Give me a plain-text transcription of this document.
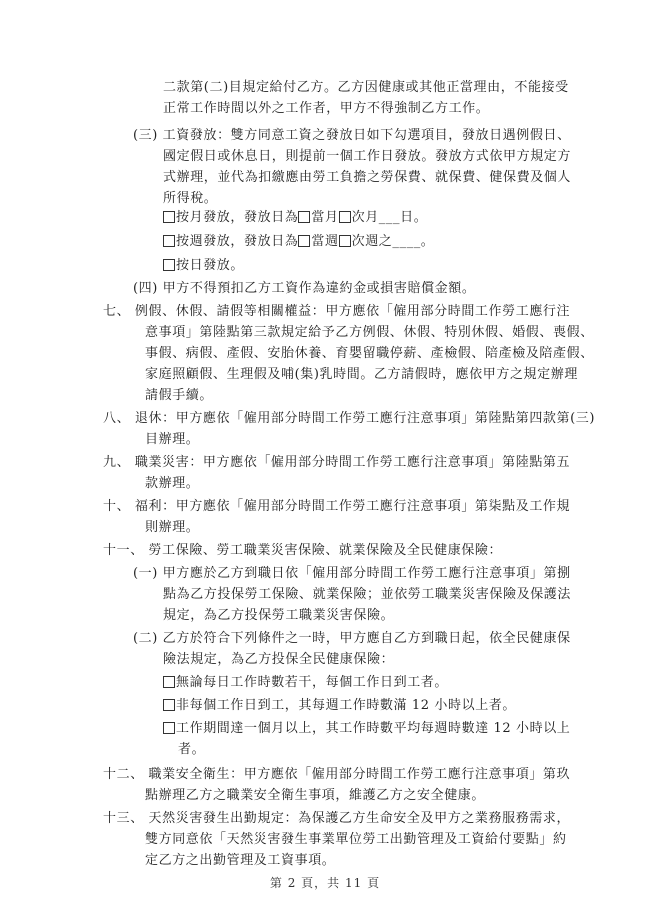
二款第(二)目規定給付乙方。乙方因健康或其他正當理由，不能接受
正常工作時間以外之工作者，甲方不得強制乙方工作。
(三) 工資發放：雙方同意工資之發放日如下勾選項目，發放日遇例假日、
國定假日或休息日，則提前一個工作日發放。發放方式依甲方規定方
式辦理，並代為扣繳應由勞工負擔之勞保費、就保費、健保費及個人
所得稅。
按月發放，發放日為 當月 次月___日。
按週發放，發放日為 當週 次週之____。
按日發放。
(四) 甲方不得預扣乙方工資作為違約金或損害賠償金額。
七、 例假、休假、請假等相關權益：甲方應依「僱用部分時間工作勞工應行注
意事項」第陸點第三款規定給予乙方例假、休假、特別休假、婚假、喪假、
事假、病假、產假、安胎休養、育嬰留職停薪、產檢假、陪產檢及陪產假、
家庭照顧假、生理假及哺(集)乳時間。乙方請假時，應依甲方之規定辦理
請假手續。
八、 退休：甲方應依「僱用部分時間工作勞工應行注意事項」第陸點第四款第(三)
目辦理。
九、 職業災害：甲方應依「僱用部分時間工作勞工應行注意事項」第陸點第五
款辦理。
十、 福利：甲方應依「僱用部分時間工作勞工應行注意事項」第柒點及工作規
則辦理。
十一、 勞工保險、勞工職業災害保險、就業保險及全民健康保險：
(一) 甲方應於乙方到職日依「僱用部分時間工作勞工應行注意事項」第捌
點為乙方投保勞工保險、就業保險；並依勞工職業災害保險及保護法
規定，為乙方投保勞工職業災害保險。
(二) 乙方於符合下列條件之一時，甲方應自乙方到職日起，依全民健康保
險法規定，為乙方投保全民健康保險：
無論每日工作時數若干，每個工作日到工者。
非每個工作日到工，其每週工作時數滿 12 小時以上者。
工作期間達一個月以上，其工作時數平均每週時數達 12 小時以上
者。
十二、 職業安全衛生：甲方應依「僱用部分時間工作勞工應行注意事項」第玖
點辦理乙方之職業安全衛生事項，維護乙方之安全健康。
十三、 天然災害發生出勤規定：為保護乙方生命安全及甲方之業務服務需求，
雙方同意依「天然災害發生事業單位勞工出勤管理及工資給付要點」約
定乙方之出勤管理及工資事項。
第 2 頁，共 11 頁
